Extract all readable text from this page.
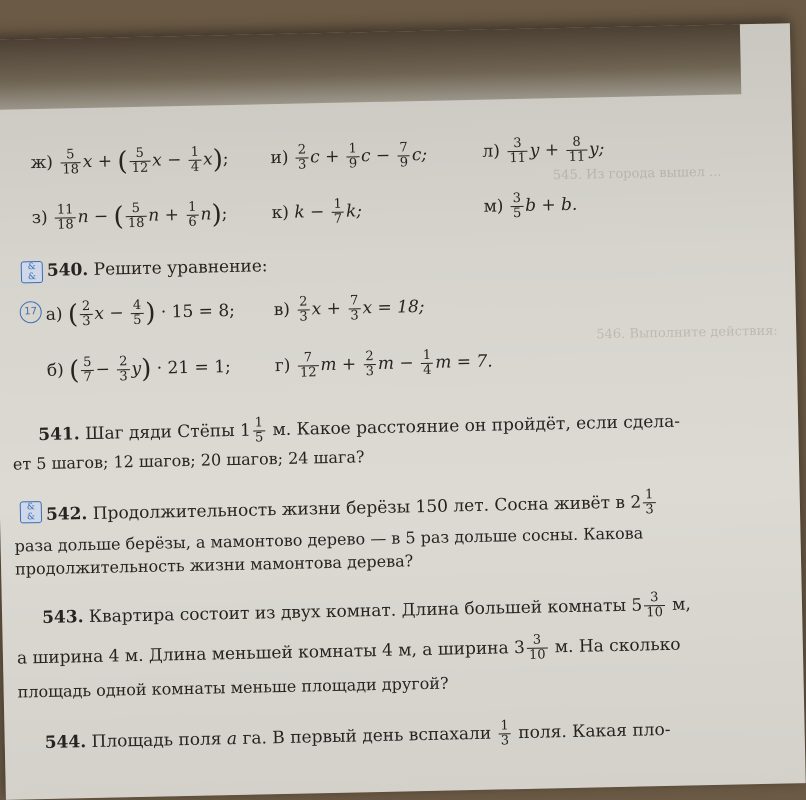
545. Из города вышел ...
546. Выполните действия:
$ж) \frac{5}{18}$ x + ( $\frac{5}{12}$ $x - \frac{1}{4} x$); $и) \frac{2}{3}$ $c + \frac{1}{9}$ $c - \frac{7}{9} c$;	$л) \frac{3}{11}$ $y + \frac{8}{11} y$;
$з) \frac{11}{18}$ n − ( $\frac{5}{18}$ $n + \frac{1}{6} n$);	к) $k - \frac{1}{7} k$;	$м) \frac{3}{5}$ b + b.
&
& 540. Решите уравнение:
17 а) ( $\frac{2}{3}$ $x - \frac{4}{5}$ ) · 15 = 8; $в) \frac{2}{3}$ $x + \frac{7}{3}$ x = 18;
б) ( $\frac{5}{7} - \frac{2}{3} y) \cdot 21 = 1$;	$г) \frac{7}{12}$ $m + \frac{2}{3}$ $m - \frac{1}{4}$ m = 7.
541. Шаг дяди Стёпы $1 \frac{1}{5} м$. Какое расстояние он пройдёт, если сдела-
ет 5 шагов; 12 шагов; 20 шагов; 24 шага?
&
& 542. Продолжительность жизни берёзы 150 лет. Сосна живёт в $2 \frac{1}{3}$
раза дольше берёзы, а мамонтово дерево — в 5 раз дольше сосны. Какова
продолжительность жизни мамонтова дерева?
543. Квартира состоит из двух комнат. Длина большей комнаты $5 \frac{3}{10} м$,
а ширина 4 м. Длина меньшей комнаты 4 м, а ширина $3 \frac{3}{10} м$. На сколько
площадь одной комнаты меньше площади другой?
544. Площадь поля a га. В первый день вспахали $\frac{1}{3}$ поля. Какая пло-
